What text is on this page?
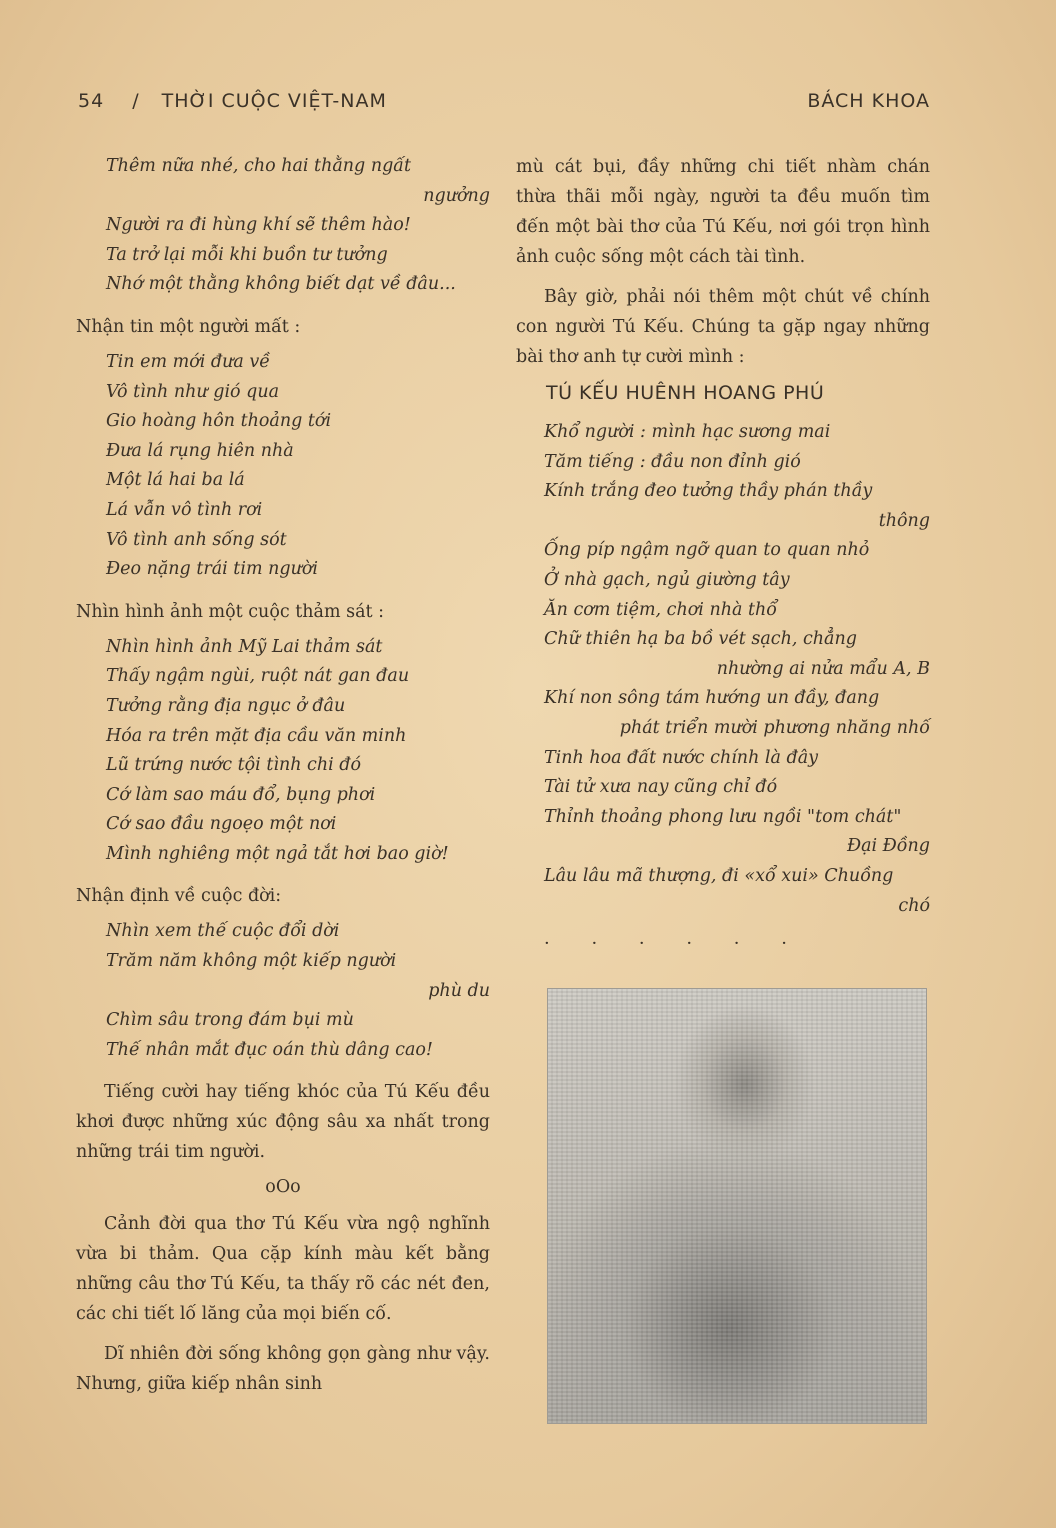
54 / THỜI CUỘC VIỆT-NAM	BÁCH KHOA
Thêm nữa nhé, cho hai thằng ngất
ngưởng
Người ra đi hùng khí sẽ thêm hào!
Ta trở lại mỗi khi buồn tư tưởng
Nhớ một thằng không biết dạt về đâu...
Nhận tin một người mất :
Tin em mới đưa về
Vô tình như gió qua
Gio hoàng hôn thoảng tới
Đưa lá rụng hiên nhà
Một lá hai ba lá
Lá vẫn vô tình rơi
Vô tình anh sống sót
Đeo nặng trái tim người
Nhìn hình ảnh một cuộc thảm sát :
Nhìn hình ảnh Mỹ Lai thảm sát
Thấy ngậm ngùi, ruột nát gan đau
Tưởng rằng địa ngục ở đâu
Hóa ra trên mặt địa cầu văn minh
Lũ trứng nước tội tình chi đó
Cớ làm sao máu đổ, bụng phơi
Cớ sao đầu ngoẹo một nơi
Mình nghiêng một ngả tắt hơi bao giờ!
Nhận định về cuộc đời:
Nhìn xem thế cuộc đổi dời
Trăm năm không một kiếp người
phù du
Chìm sâu trong đám bụi mù
Thế nhân mắt đục oán thù dâng cao!

Tiếng cười hay tiếng khóc của Tú Kếu đều khơi được những xúc động sâu xa nhất trong những trái tim người.

oOo

Cảnh đời qua thơ Tú Kếu vừa ngộ nghĩnh vừa bi thảm. Qua cặp kính màu kết bằng những câu thơ Tú Kếu, ta thấy rõ các nét đen, các chi tiết lố lăng của mọi biến cố.

Dĩ nhiên đời sống không gọn gàng như vậy. Nhưng, giữa kiếp nhân sinh

mù cát bụi, đầy những chi tiết nhàm chán thừa thãi mỗi ngày, người ta đều muốn tìm đến một bài thơ của Tú Kếu, nơi gói trọn hình ảnh cuộc sống một cách tài tình.

Bây giờ, phải nói thêm một chút về chính con người Tú Kếu. Chúng ta gặp ngay những bài thơ anh tự cười mình :

TÚ KẾU HUÊNH HOANG PHÚ
Khổ người : mình hạc sương mai
Tăm tiếng : đầu non đỉnh gió
Kính trắng đeo tưởng thầy phán thầy
thông
Ống píp ngậm ngỡ quan to quan nhỏ
Ở nhà gạch, ngủ giường tây
Ăn cơm tiệm, chơi nhà thổ
Chữ thiên hạ ba bồ vét sạch, chẳng
nhường ai nửa mẩu A, B
Khí non sông tám hướng un đầy, đang
phát triển mười phương nhăng nhố
Tinh hoa đất nước chính là đây
Tài tử xưa nay cũng chỉ đó
Thỉnh thoảng phong lưu ngồi "tom chát"
Đại Đồng
Lâu lâu mã thượng, đi «xổ xui» Chuồng
chó
· · · · · ·
